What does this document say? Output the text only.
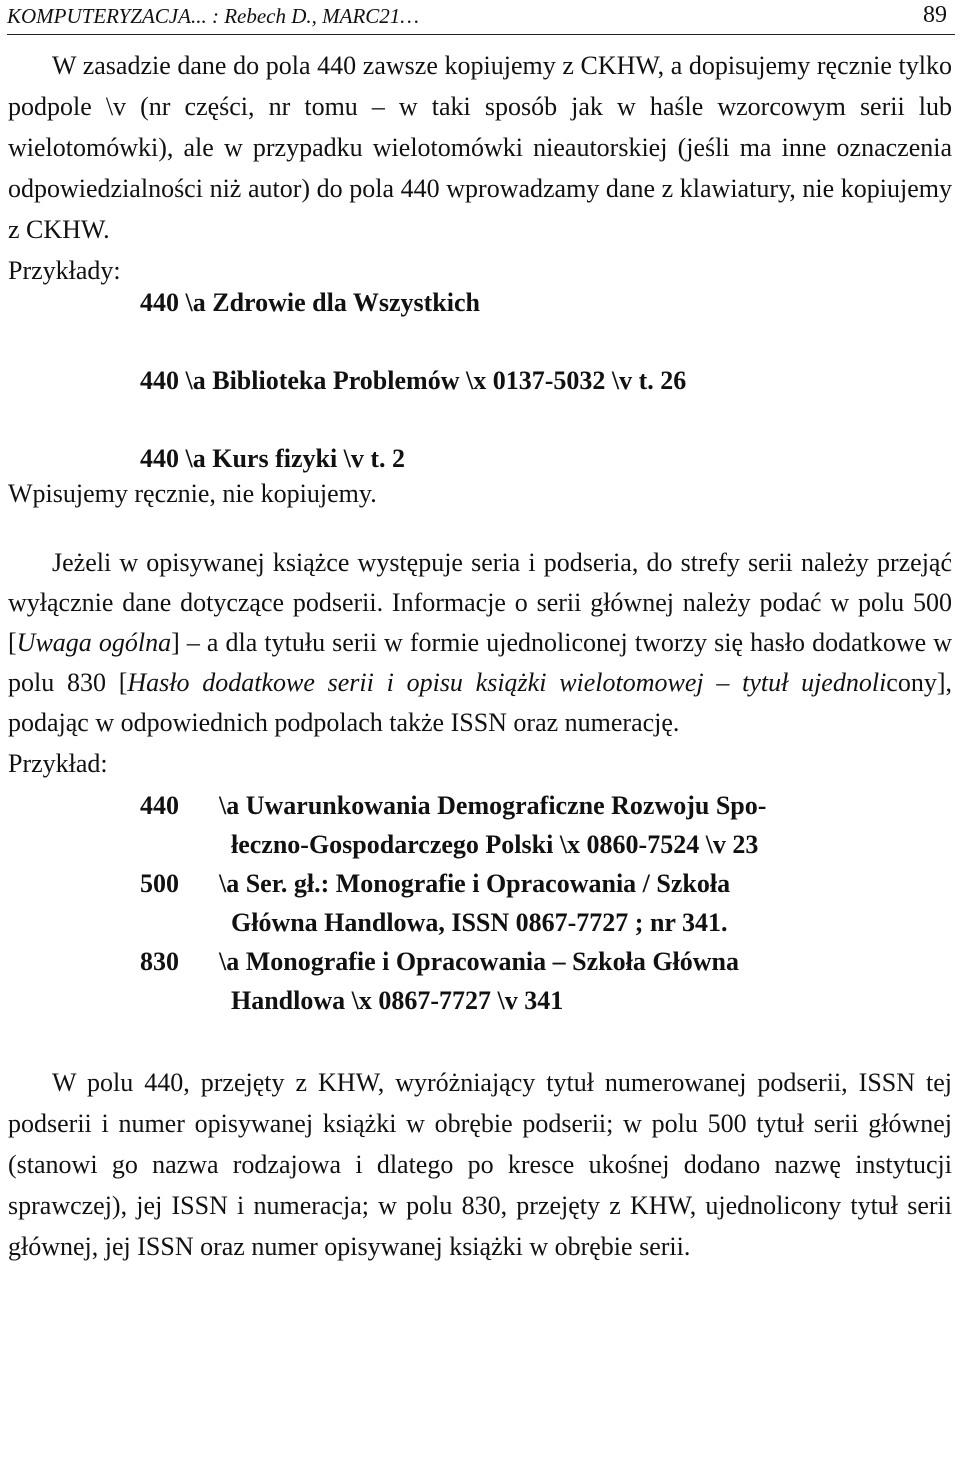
KOMPUTERYZACJA... : Rebech D., MARC21…	89

W zasadzie dane do pola 440 zawsze kopiujemy z CKHW, a dopisujemy ręcznie tylko podpole \v (nr części, nr tomu – w taki sposób jak w haśle wzorcowym serii lub wielotomówki), ale w przypadku wielotomówki nieautorskiej (jeśli ma inne oznaczenia odpowiedzialności niż autor) do pola 440 wprowadzamy dane z klawiatury, nie kopiujemy z CKHW.

Przykłady:

440 \a Zdrowie dla Wszystkich

440 \a Biblioteka Problemów \x 0137-5032 \v t. 26

440 \a Kurs fizyki \v t. 2

Wpisujemy ręcznie, nie kopiujemy.

Jeżeli w opisywanej książce występuje seria i podseria, do strefy serii należy przejąć wyłącznie dane dotyczące podserii. Informacje o serii głównej należy podać w polu 500 [Uwaga ogólna] – a dla tytułu serii w formie ujednoliconej tworzy się hasło dodatkowe w polu 830 [Hasło dodatkowe serii i opisu książki wielotomowej – tytuł ujednolicony], podając w odpowiednich podpolach także ISSN oraz numerację.

Przykład:

440	\a Uwarunkowania Demograficzne Rozwoju Spo-
łeczno-Gospodarczego Polski \x 0860-7524 \v 23
500	\a Ser. gł.: Monografie i Opracowania / Szkoła
Główna Handlowa, ISSN 0867-7727 ; nr 341.
830	\a Monografie i Opracowania – Szkoła Główna
Handlowa \x 0867-7727 \v 341

W polu 440, przejęty z KHW, wyróżniający tytuł numerowanej podserii, ISSN tej podserii i numer opisywanej książki w obrębie podserii; w polu 500 tytuł serii głównej (stanowi go nazwa rodzajowa i dlatego po kresce ukośnej dodano nazwę instytucji sprawczej), jej ISSN i numeracja; w polu 830, przejęty z KHW, ujednolicony tytuł serii głównej, jej ISSN oraz numer opisywanej książki w obrębie serii.
